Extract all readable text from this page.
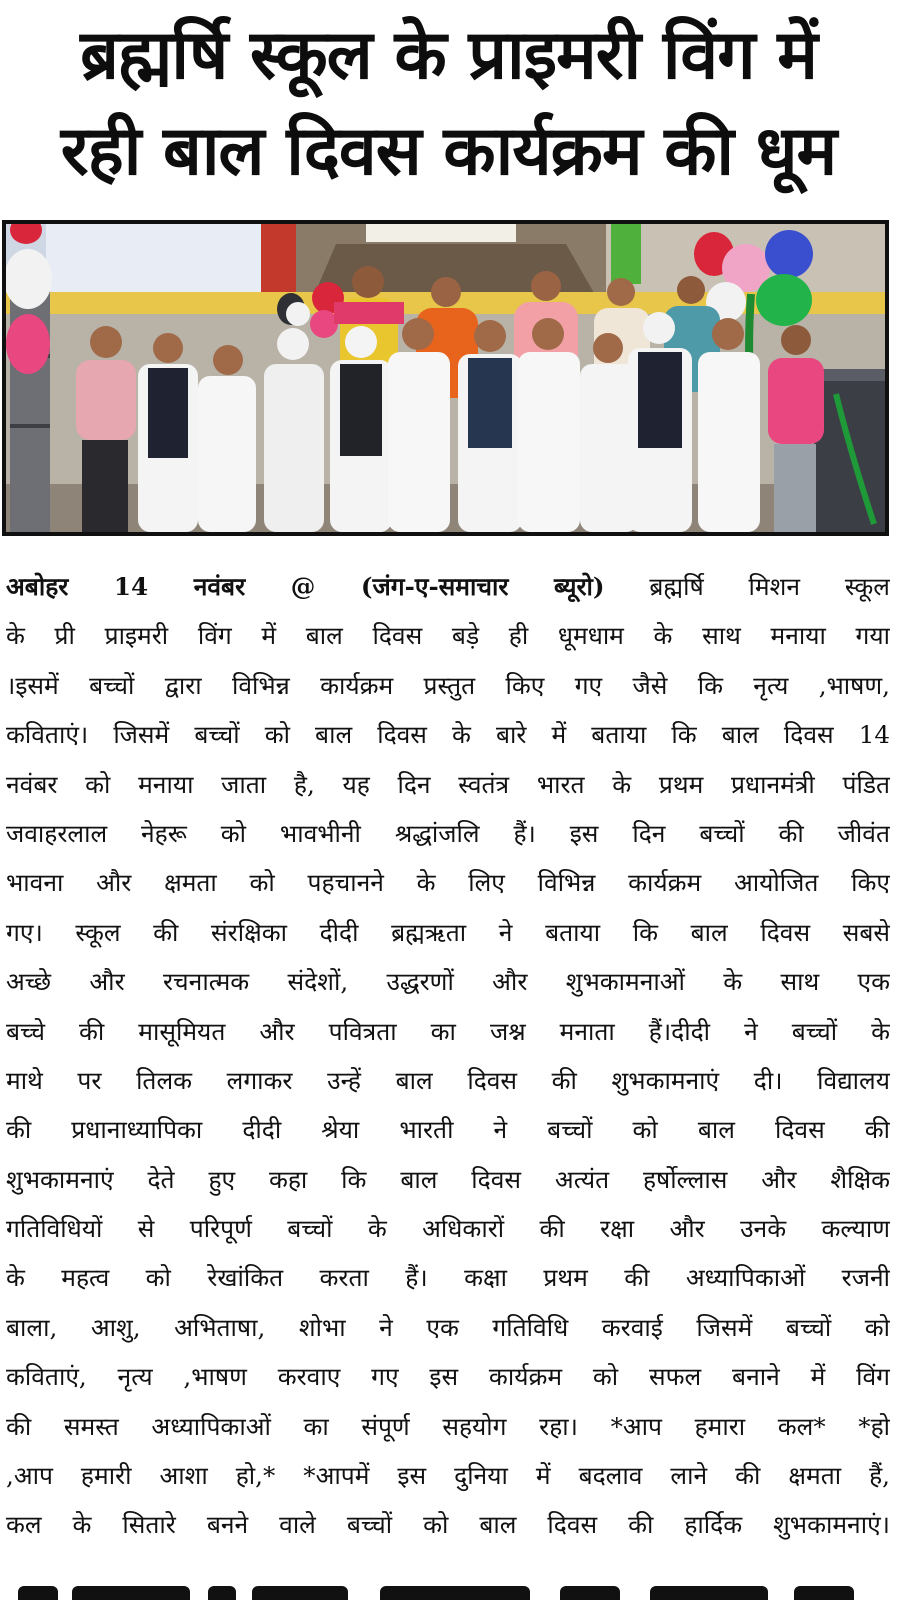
ब्रह्मर्षि स्कूल के प्राइमरी विंग में
रही बाल दिवस कार्यक्रम की धूम
अबोहर 14 नवंबर @ (जंग-ए-समाचार ब्यूरो) ब्रह्मर्षि मिशन स्कूल
के प्री प्राइमरी विंग में बाल दिवस बड़े ही धूमधाम के साथ मनाया गया
।इसमें बच्चों द्वारा विभिन्न कार्यक्रम प्रस्तुत किए गए जैसे कि नृत्य ,भाषण,
कविताएं। जिसमें बच्चों को बाल दिवस के बारे में बताया कि बाल दिवस 14
नवंबर को मनाया जाता है, यह दिन स्वतंत्र भारत के प्रथम प्रधानमंत्री पंडित
जवाहरलाल नेहरू को भावभीनी श्रद्धांजलि हैं। इस दिन बच्चों की जीवंत
भावना और क्षमता को पहचानने के लिए विभिन्न कार्यक्रम आयोजित किए
गए। स्कूल की संरक्षिका दीदी ब्रह्मऋता ने बताया कि बाल दिवस सबसे
अच्छे और रचनात्मक संदेशों, उद्धरणों और शुभकामनाओं के साथ एक
बच्चे की मासूमियत और पवित्रता का जश्न मनाता हैं।दीदी ने बच्चों के
माथे पर तिलक लगाकर उन्हें बाल दिवस की शुभकामनाएं दी। विद्यालय
की प्रधानाध्यापिका दीदी श्रेया भारती ने बच्चों को बाल दिवस की
शुभकामनाएं देते हुए कहा कि बाल दिवस अत्यंत हर्षोल्लास और शैक्षिक
गतिविधियों से परिपूर्ण बच्चों के अधिकारों की रक्षा और उनके कल्याण
के महत्व को रेखांकित करता हैं। कक्षा प्रथम की अध्यापिकाओं रजनी
बाला, आशु, अभिताषा, शोभा ने एक गतिविधि करवाई जिसमें बच्चों को
कविताएं, नृत्य ,भाषण करवाए गए इस कार्यक्रम को सफल बनाने में विंग
की समस्त अध्यापिकाओं का संपूर्ण सहयोग रहा। *आप हमारा कल* *हो
,आप हमारी आशा हो,* *आपमें इस दुनिया में बदलाव लाने की क्षमता हैं,
कल के सितारे बनने वाले बच्चों को बाल दिवस की हार्दिक शुभकामनाएं।
